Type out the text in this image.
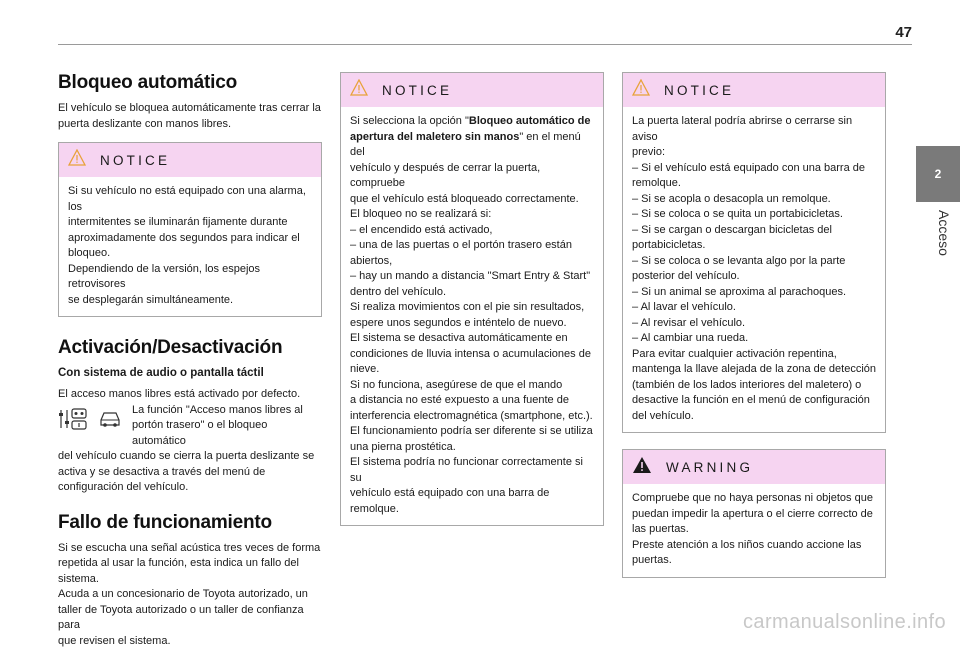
47
2
Acceso
Bloqueo automático

El vehículo se bloquea automáticamente tras cerrar la
puerta deslizante con manos libres.

NOTICE
Si su vehículo no está equipado con una alarma, los
intermitentes se iluminarán fijamente durante
aproximadamente dos segundos para indicar el
bloqueo.
Dependiendo de la versión, los espejos retrovisores
se desplegarán simultáneamente.
Activación/Desactivación
Con sistema de audio o pantalla táctil

El acceso manos libres está activado por defecto.

La función "Acceso manos libres al
portón trasero" o el bloqueo automático

del vehículo cuando se cierra la puerta deslizante se
activa y se desactiva a través del menú de
configuración del vehículo.

Fallo de funcionamiento

Si se escucha una señal acústica tres veces de forma
repetida al usar la función, esta indica un fallo del
sistema.
Acuda a un concesionario de Toyota autorizado, un
taller de Toyota autorizado o un taller de confianza para
que revisen el sistema.

NOTICE
Si selecciona la opción "Bloqueo automático de
apertura del maletero sin manos" en el menú del
vehículo y después de cerrar la puerta, compruebe
que el vehículo está bloqueado correctamente.
El bloqueo no se realizará si:
– el encendido está activado,
– una de las puertas o el portón trasero están
abiertos,
– hay un mando a distancia "Smart Entry & Start"
dentro del vehículo.
Si realiza movimientos con el pie sin resultados,
espere unos segundos e inténtelo de nuevo.
El sistema se desactiva automáticamente en
condiciones de lluvia intensa o acumulaciones de
nieve.
Si no funciona, asegúrese de que el mando
a distancia no esté expuesto a una fuente de
interferencia electromagnética (smartphone, etc.).
El funcionamiento podría ser diferente si se utiliza
una pierna prostética.
El sistema podría no funcionar correctamente si su
vehículo está equipado con una barra de remolque.
NOTICE
La puerta lateral podría abrirse o cerrarse sin aviso
previo:
– Si el vehículo está equipado con una barra de
remolque.
– Si se acopla o desacopla un remolque.
– Si se coloca o se quita un portabicicletas.
– Si se cargan o descargan bicicletas del
portabicicletas.
– Si se coloca o se levanta algo por la parte
posterior del vehículo.
– Si un animal se aproxima al parachoques.
– Al lavar el vehículo.
– Al revisar el vehículo.
– Al cambiar una rueda.
Para evitar cualquier activación repentina,
mantenga la llave alejada de la zona de detección
(también de los lados interiores del maletero) o
desactive la función en el menú de configuración
del vehículo.
WARNING
Compruebe que no haya personas ni objetos que
puedan impedir la apertura o el cierre correcto de
las puertas.
Preste atención a los niños cuando accione las
puertas.
carmanualsonline.info
